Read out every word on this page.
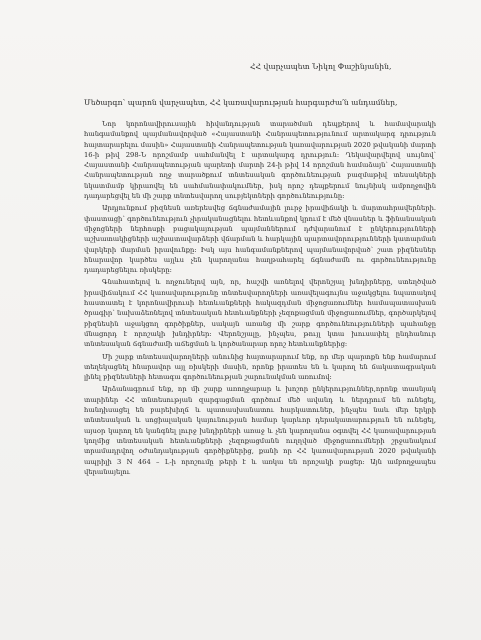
ՀՀ վարչապետ Նիկոլ Փաշինյանին,
Մեծարգո՝ պարոն վարչապետ, ՀՀ կառավարության հարգարժա՛ն անդամներ,

Նոր կորոնավիրուսային հիվանդության տարածման դեպքերով և համավարակի հանգամանքով պայմանավորված «Հայաստանի Հանրապետությունում արտակարգ դրություն հայտարարելու մասին» Հայաստանի Հանրապետության կառավարության 2020 թվականի մարտի 16-ի թիվ 298-Ն որոշմամբ սահմանվել է արտակարգ դրություն: Ղեկավարվելով սույնով՝ Հայաստանի Հանրապետության պարետի մարտի 24-ի թիվ 14 որոշման համաձայն՝ Հայաստանի Հանրապետության ողջ տարածքում տնտեսական գործունեության բազմաթիվ տեսակների նկատմամբ կիրառվել են սահմանափակումներ, իսկ որոշ դեպքերում նույնիսկ ամբողջովին դադարեցվել են մի շարք տնտեսվարող սուբյեկտների գործունեությունը:

Արդյունքում բիզնեսն առերեսվեց ճգնաժամային լուրջ իրավիճակի և մարտահրավերների. փաստացի՝ գործունեություն չիրականացնելու հետևանքով կրում է մեծ վնասներ և ֆինանսական միջոցների ներհոսքի բացակայության պայմաններում դժվարանում է ընկերությունների աշխատակիցների աշխատավարձերի վճարման և հարկային պարտավորությունների կատարման վարկերի մարման իրավունքը: Իսկ այս հանգամանքներով պայմանավորված՝ շատ բիզնեսներ հնարավոր կարծես այլևս չեն կարողանա հաղթահարել ճգնաժամն ու գործունեությունը դադարեցնելու ռիսկերը:

Գնահատելով և ողջունելով այն, որ, հաշվի առնելով վերոնշյալ խնդիրները, ստեղծված իրավիճակում ՀՀ կառավարությունը տնտեսվարողների առավելագույնս աջակցելու նպատակով հաստատել է կորոնավիրուսի հետևանքների հակազդման միջոցառումներ համապատասխան ծրագիր՝ նախաձեռնելով տնտեսական հետևանքների չեզոքացման միջոցառումներ, գործարկելով բիզնեսին աջակցող գործիքներ, սակայն առանց մի շարք գործունեությունների պահանջը մնացորդ է որոշակի խնդիրներ: Վերոնշյալը, ինչպես, թույլ կտա խուսափել ընդհանուր տնտեսական ճգնաժամի աճեցման և կործանարար որոշ հետևանքներից:

Մի շարք տնտեսավարողների անունից հայտարարում ենք, որ մեր պարտքն ենք համարում տեղեկացնել հնարավոր այլ ռիսկերի մասին, որոնք իրատես են և կարող են ճակատագրական լինել բիզնեսների հետագա գործունեության շարունակման առումով:

Արձանագրում ենք, որ մի շարք առողջարար և խոշոր ընկերություններ,որոնք տասնյակ տարիներ ՀՀ տնտեսության զարգացման գործում մեծ ավանդ և ներդրում են ունեցել, հանդիսացել են բարեխիղճ և պատասխանատու հարկատուներ, ինչպես նաև մեր երկրի տնտեսական և սոցիալական կայունության համար կարևոր դերակատարություն են ունեցել, այսօր կարող են կանգնել լուրջ խնդիրների առաջ և չեն կարողանա օգտվել ՀՀ կառավարության կողմից տնտեսական հետևանքների չեզոքացմանն ուղղված միջոցառումների շրջանակում տրամադրվող օժանդակության գործիքներից, քանի որ ՀՀ կառավարության 2020 թվականի ապրիլի 3 N 464 – Լ-ի որոշումը թերի է և առկա են որոշակի բացեր: Այն ամբողջապես վերանայելու
